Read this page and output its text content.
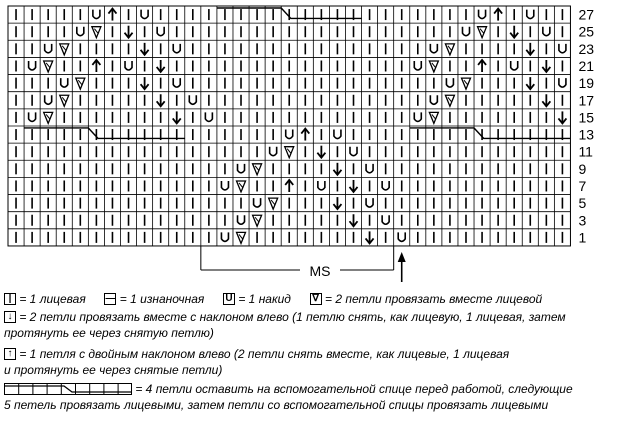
27
25
23
21
19
17
15
13
11
9
7
5
3
1
MS
| = 1 лицевая — = 1 изнаночная U = 1 накид ∇ = 2 петли провязать вместе лицевой
↓ = 2 петли провязать вместе с наклоном влево (1 петлю снять, как лицевую, 1 лицевая, затем
протянуть ее через снятую петлю)
↑ = 1 петля с двойным наклоном влево (2 петли снять вместе, как лицевые, 1 лицевая
и протянуть ее через снятые петли)
= 4 петли оставить на вспомогательной спице перед работой, следующие
5 петель провязать лицевыми, затем петли со вспомогательной спицы провязать лицевыми
